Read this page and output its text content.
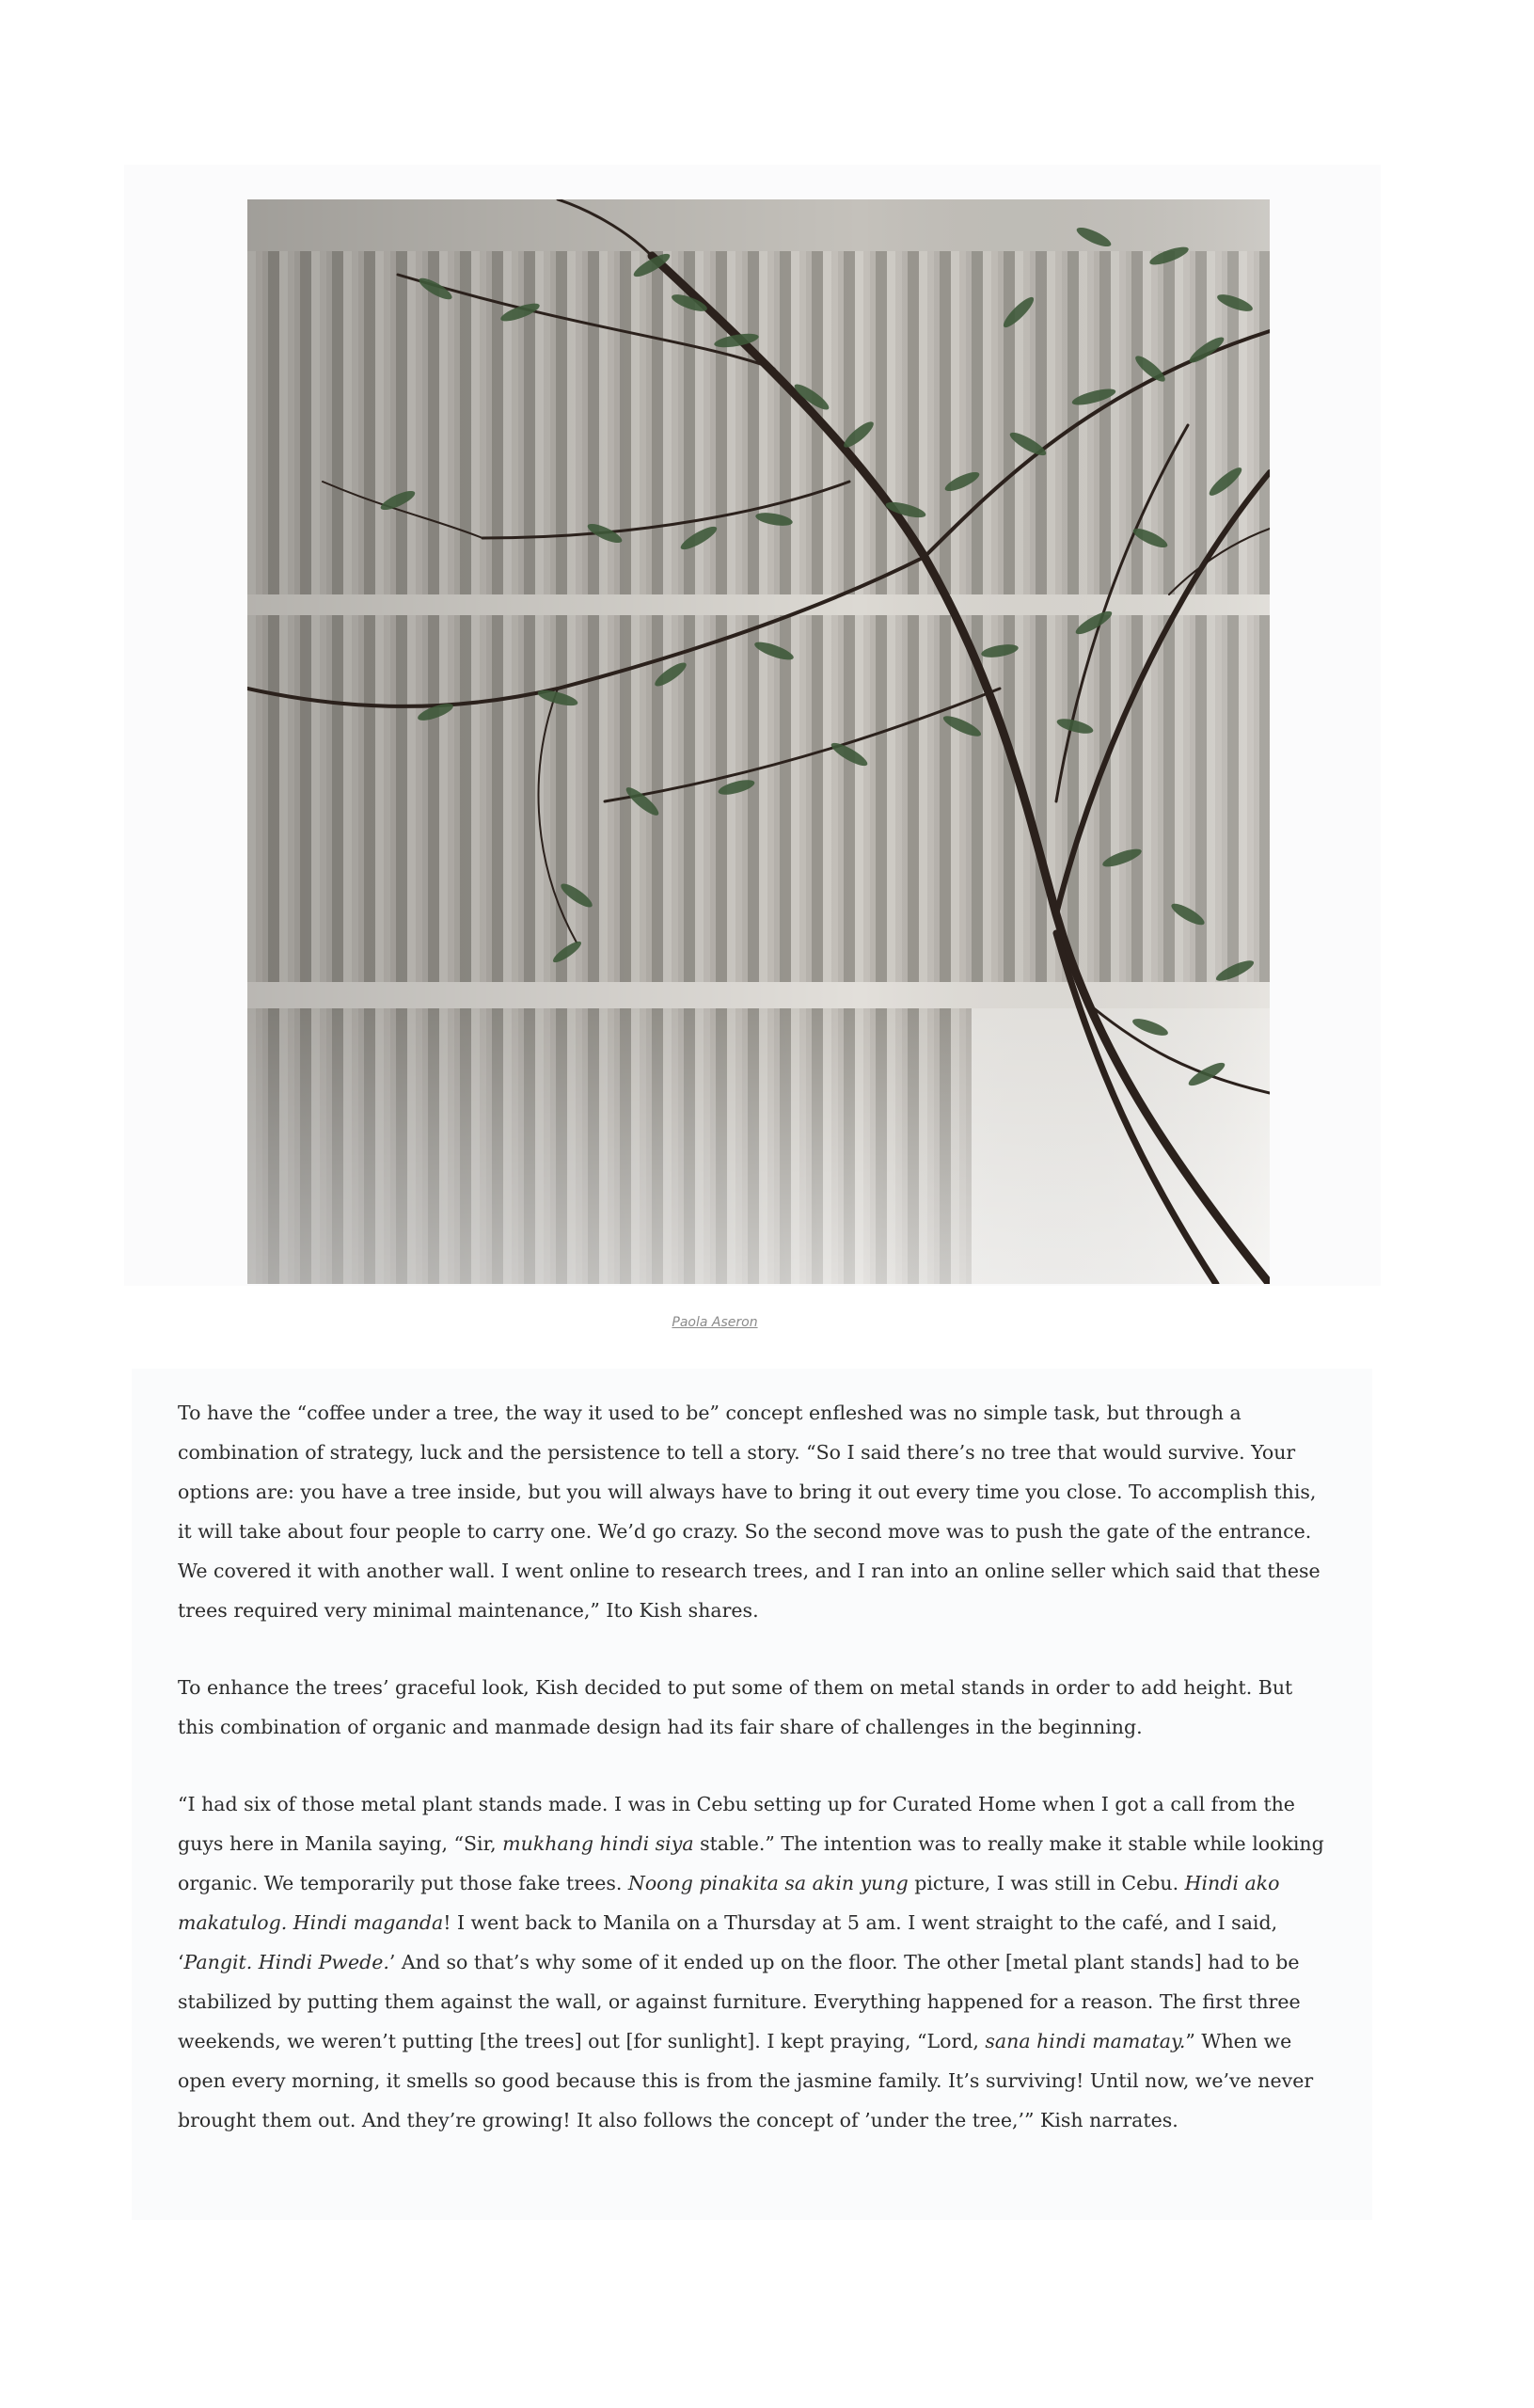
Paola Aseron

To have the “coffee under a tree, the way it used to be” concept enfleshed was no simple task, but through a combination of strategy, luck and the persistence to tell a story. “So I said there’s no tree that would survive. Your options are: you have a tree inside, but you will always have to bring it out every time you close. To accomplish this, it will take about four people to carry one. We’d go crazy. So the second move was to push the gate of the entrance. We covered it with another wall. I went online to research trees, and I ran into an online seller which said that these trees required very minimal maintenance,” Ito Kish shares.

To enhance the trees’ graceful look, Kish decided to put some of them on metal stands in order to add height. But this combination of organic and manmade design had its fair share of challenges in the beginning.

“I had six of those metal plant stands made. I was in Cebu setting up for Curated Home when I got a call from the guys here in Manila saying, “Sir, mukhang hindi siya stable.” The intention was to really make it stable while looking organic. We temporarily put those fake trees. Noong pinakita sa akin yung picture, I was still in Cebu. Hindi ako makatulog. Hindi maganda! I went back to Manila on a Thursday at 5 am. I went straight to the café, and I said, ‘Pangit. Hindi Pwede.’ And so that’s why some of it ended up on the floor. The other [metal plant stands] had to be stabilized by putting them against the wall, or against furniture. Everything happened for a reason. The first three weekends, we weren’t putting [the trees] out [for sunlight]. I kept praying, “Lord, sana hindi mamatay.” When we open every morning, it smells so good because this is from the jasmine family. It’s surviving! Until now, we’ve never brought them out. And they’re growing! It also follows the concept of ’under the tree,’” Kish narrates.
